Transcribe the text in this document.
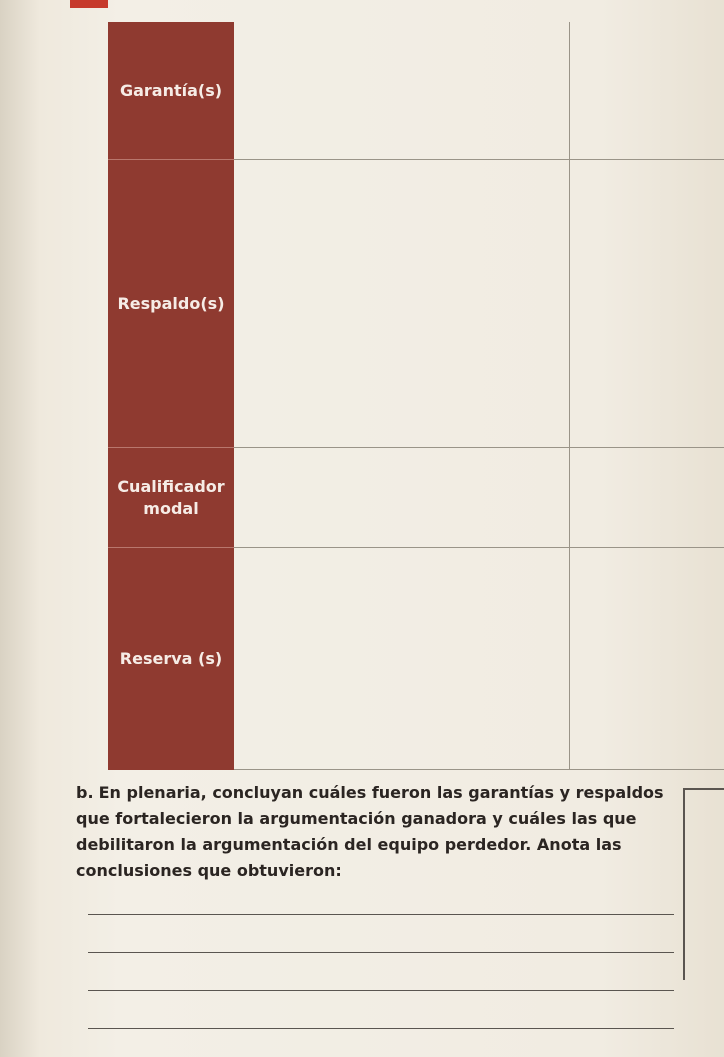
Garantía(s)
Respaldo(s)
Cualificador
modal
Reserva (s)

b. En plenaria, concluyan cuáles fueron las garantías y respaldos que fortalecieron la argumentación ganadora y cuáles las que debilitaron la argumentación del equipo perdedor. Anota las conclusiones que obtuvieron:
